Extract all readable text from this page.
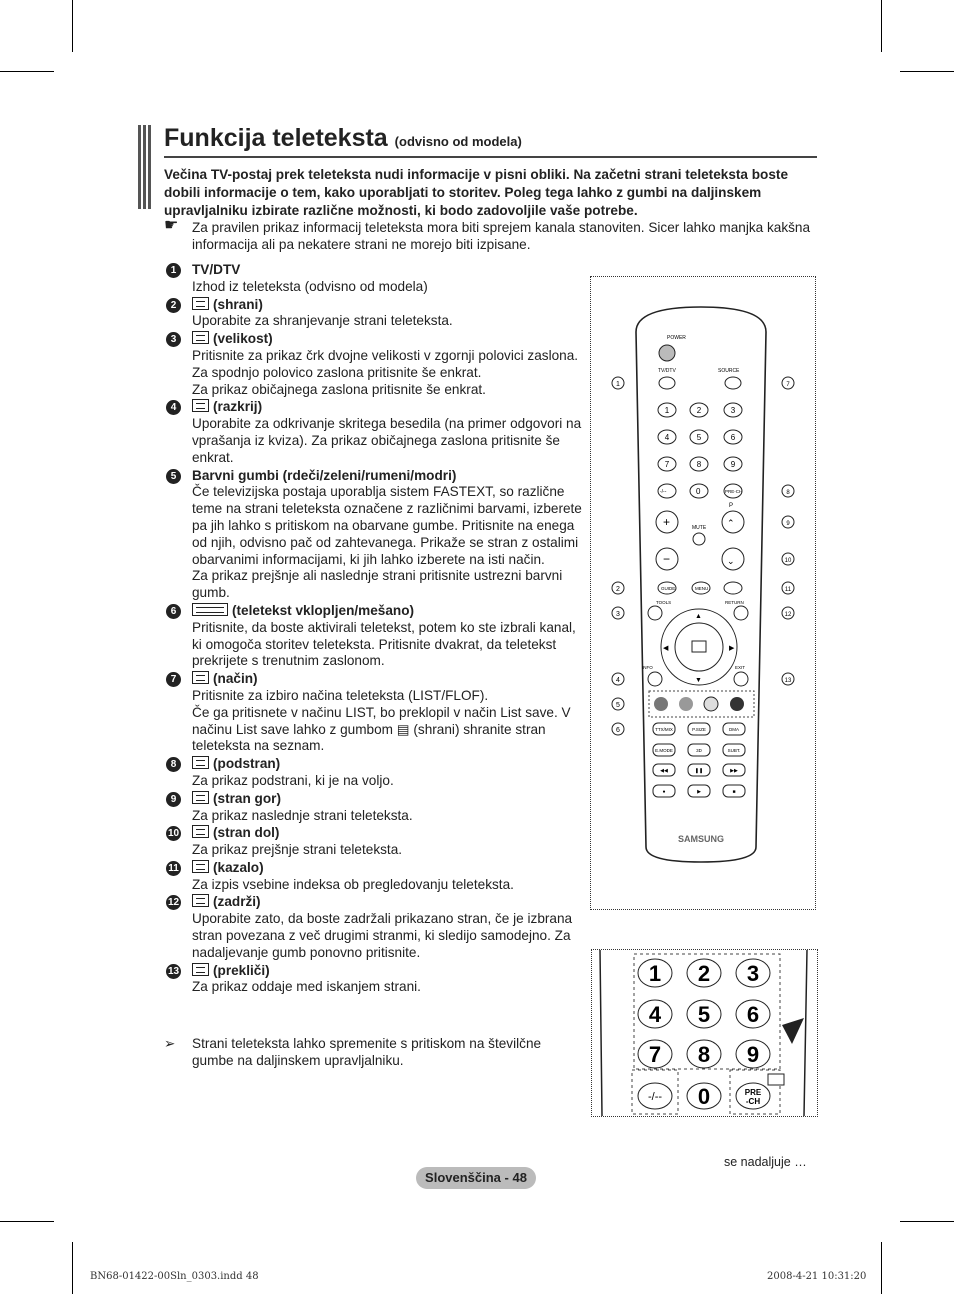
Funkcija teleteksta (odvisno od modela)
Večina TV-postaj prek teleteksta nudi informacije v pisni obliki. Na začetni strani teleteksta boste dobili informacije o tem, kako uporabljati to storitev. Poleg tega lahko z gumbi na daljinskem upravljalniku izbirate različne možnosti, ki bodo zadovoljile vaše potrebe.
☛ Za pravilen prikaz informacij teleteksta mora biti sprejem kanala stanoviten. Sicer lahko manjka kakšna informacija ali pa nekatere strani ne morejo biti izpisane.
1	TV/DTV
Izhod iz teleteksta (odvisno od modela)
2	(shrani)
Uporabite za shranjevanje strani teleteksta.
3	(velikost)
Pritisnite za prikaz črk dvojne velikosti v zgornji polovici zaslona. Za spodnjo polovico zaslona pritisnite še enkrat.
Za prikaz običajnega zaslona pritisnite še enkrat.
4	(razkrij)
Uporabite za odkrivanje skritega besedila (na primer odgovori na vprašanja iz kviza). Za prikaz običajnega zaslona pritisnite še enkrat.
5	Barvni gumbi (rdeči/zeleni/rumeni/modri)
Če televizijska postaja uporablja sistem FASTEXT, so različne teme na strani teleteksta označene z različnimi barvami, izberete pa jih lahko s pritiskom na obarvane gumbe. Pritisnite na enega od njih, odvisno pač od zahtevanega. Prikaže se stran z ostalimi obarvanimi informacijami, ki jih lahko izberete na isti način.
Za prikaz prejšnje ali naslednje strani pritisnite ustrezni barvni gumb.
6	(teletekst vklopljen/mešano)
Pritisnite, da boste aktivirali teletekst, potem ko ste izbrali kanal, ki omogoča storitev teleteksta. Pritisnite dvakrat, da teletekst prekrijete s trenutnim zaslonom.
7	(način)
Pritisnite za izbiro načina teleteksta (LIST/FLOF).
Če ga pritisnete v načinu LIST, bo preklopil v način List save. V načinu List save lahko z gumbom ▤ (shrani) shranite stran teleteksta na seznam.
8	(podstran)
Za prikaz podstrani, ki je na voljo.
9	(stran gor)
Za prikaz naslednje strani teleteksta.
10	(stran dol)
Za prikaz prejšnje strani teleteksta.
11	(kazalo)
Za izpis vsebine indeksa ob pregledovanju teleteksta.
12	(zadrži)
Uporabite zato, da boste zadržali prikazano stran, če je izbrana stran povezana z več drugimi stranmi, ki sledijo samodejno. Za nadaljevanje gumb ponovno pritisnite.
13	(prekliči)
Za prikaz oddaje med iskanjem strani.
➢ Strani teleteksta lahko spremenite s pritiskom na številčne gumbe na daljinskem upravljalniku.
POWER
TV/DTV	SOURCE
1	2	3
4	5	6
7	8	9
-/--	0	PRE-CH
+
−
MUTE
P
⌃
⌄
GUIDE	MENU
TOOLS	RETURN
▲
▼
◀	▶
INFO	EXIT
TTX/MIX	P.SIZE	DMA
E.MODE	3D	SUBT.
◀◀	❚❚	▶▶
●	▶	■
SAMSUNG
1
2
3
4
5
6
7
8
9
10
11
12
13
1 2 3
4 5 6
7 8 9
-/-- 0	PRE
-CH
se nadaljuje …
Slovenščina - 48
BN68-01422-00Sln_0303.indd 48	2008-4-21 10:31:20
